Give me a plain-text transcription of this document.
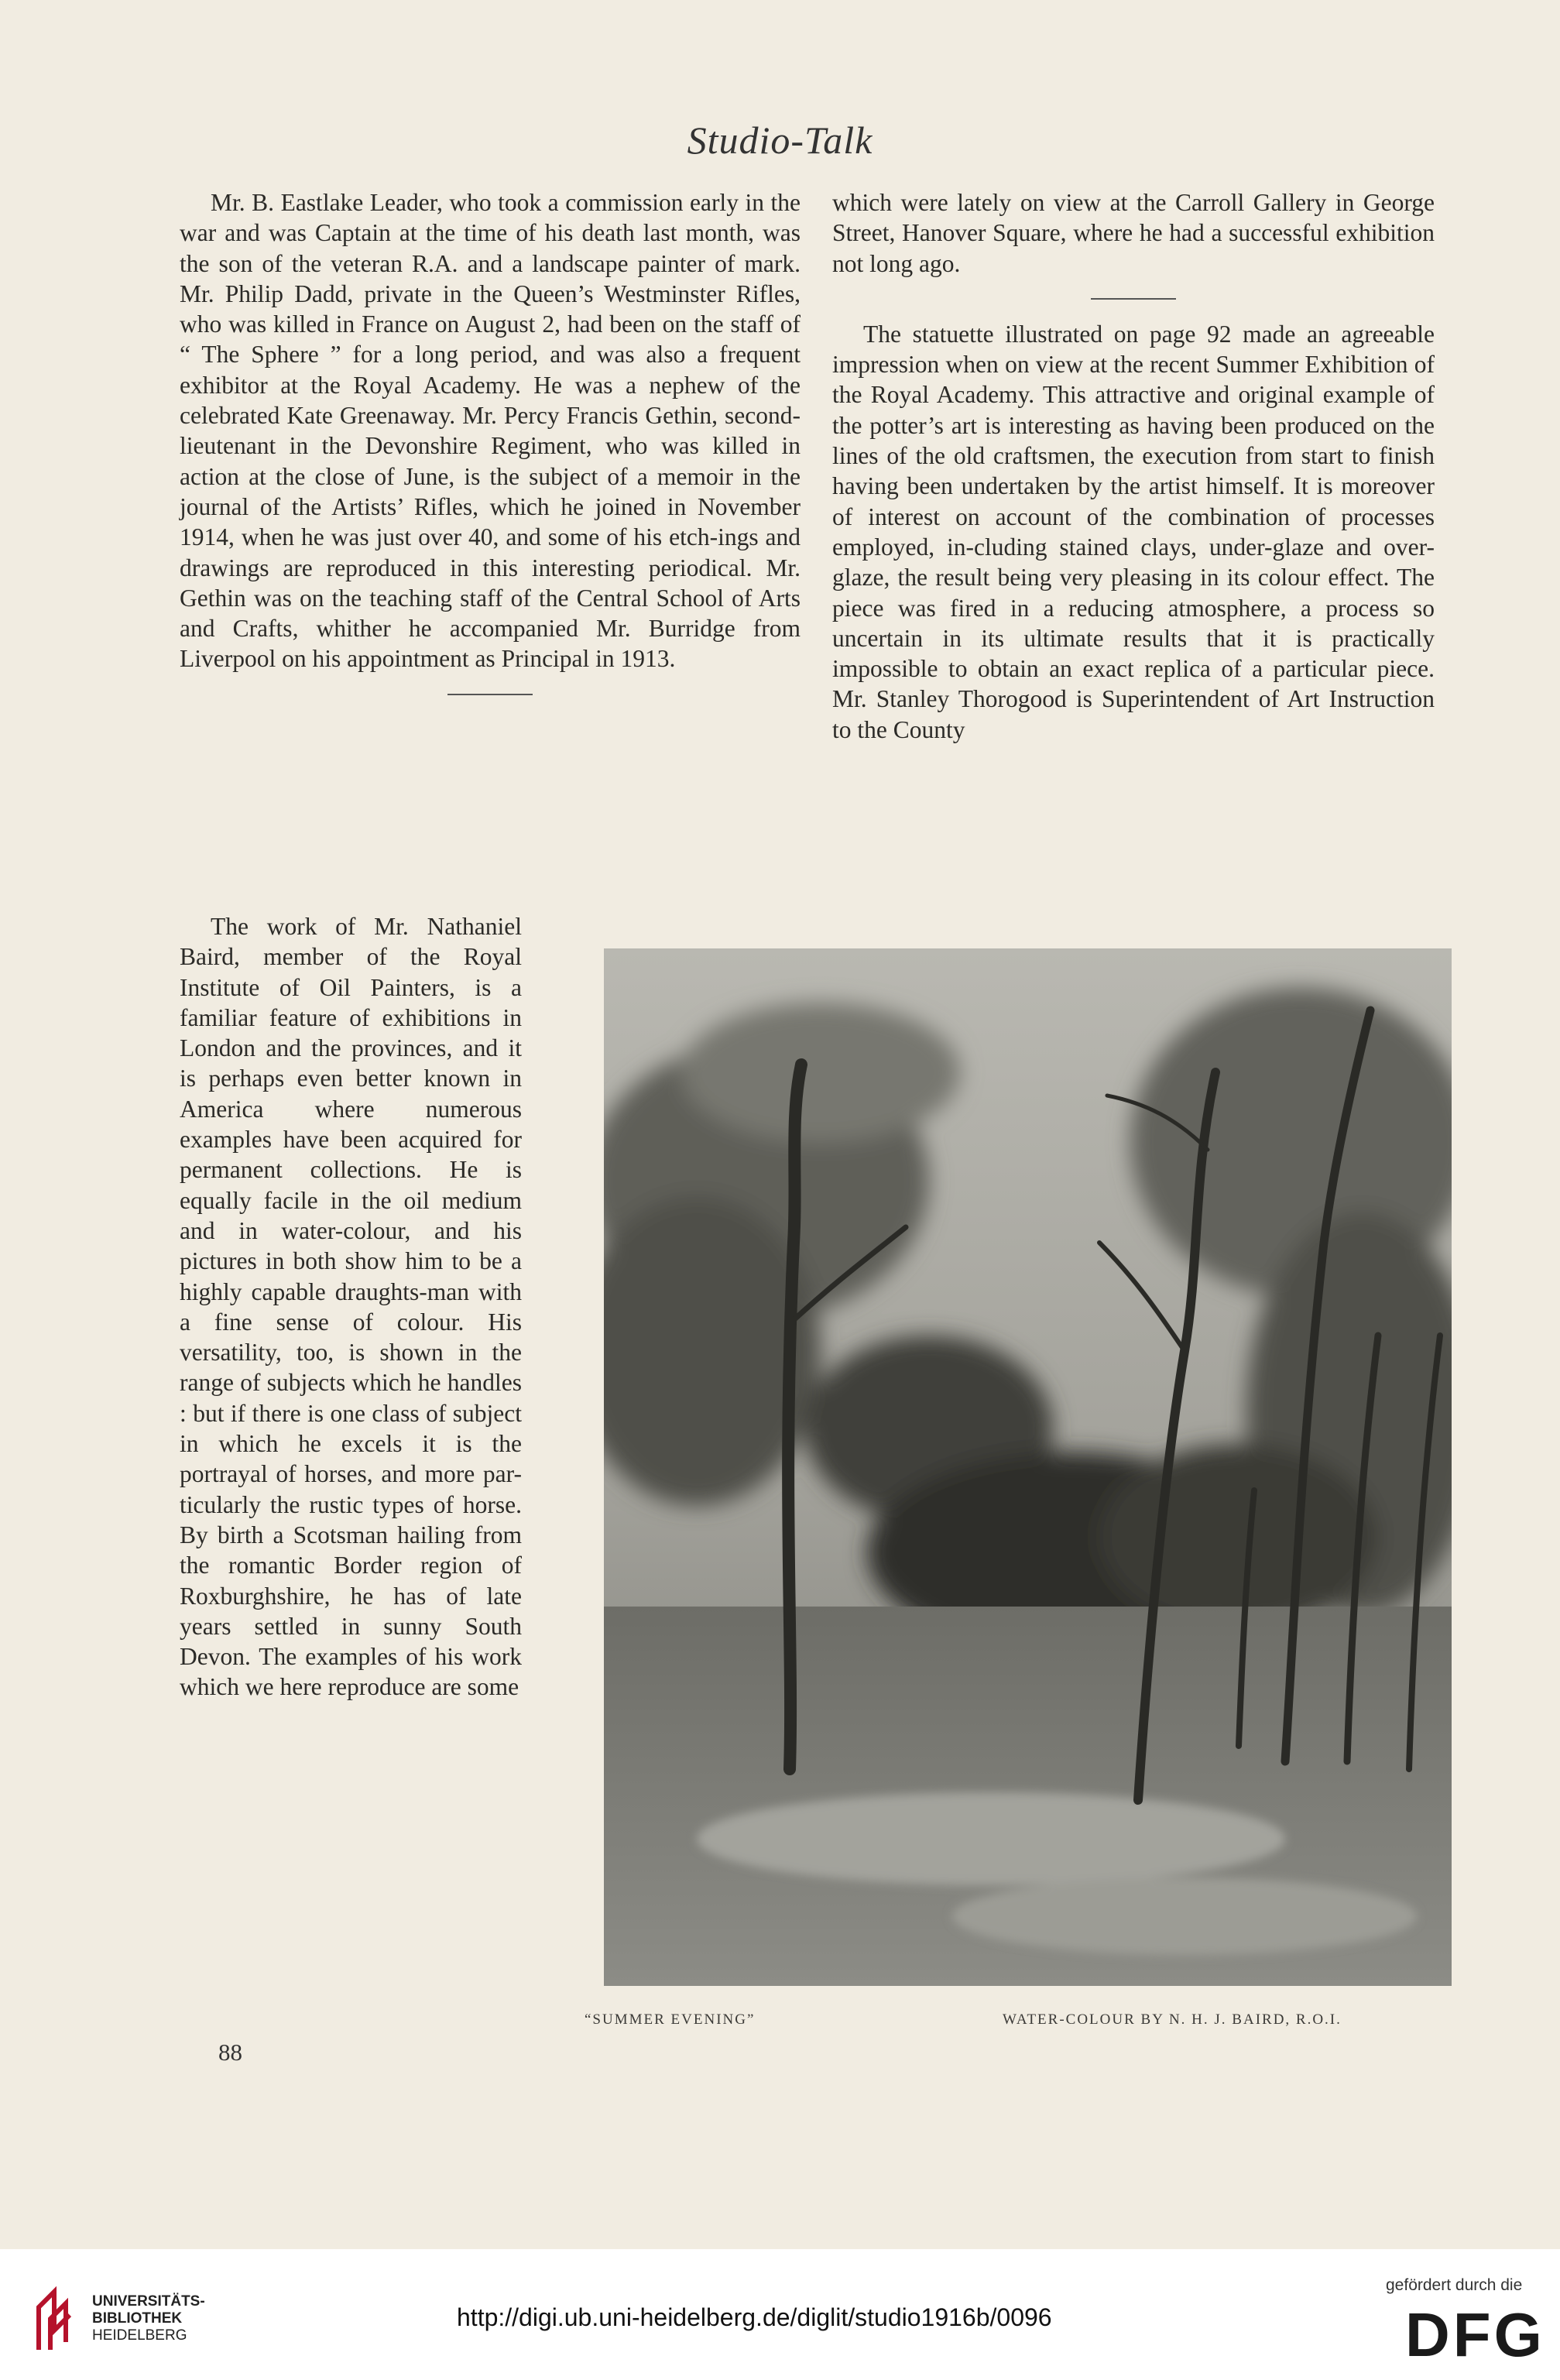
Studio-Talk

Mr. B. Eastlake Leader, who took a commission early in the war and was Captain at the time of his death last month, was the son of the veteran R.A. and a landscape painter of mark. Mr. Philip Dadd, private in the Queen’s Westminster Rifles, who was killed in France on August 2, had been on the staff of “ The Sphere ” for a long period, and was also a frequent exhibitor at the Royal Academy. He was a nephew of the celebrated Kate Greenaway. Mr. Percy Francis Gethin, second-lieutenant in the Devonshire Regiment, who was killed in action at the close of June, is the subject of a memoir in the journal of the Artists’ Rifles, which he joined in November 1914, when he was just over 40, and some of his etch-ings and drawings are reproduced in this interesting periodical. Mr. Gethin was on the teaching staff of the Central School of Arts and Crafts, whither he accompanied Mr. Burridge from Liverpool on his appointment as Principal in 1913.

The work of Mr. Nathaniel Baird, member of the Royal Institute of Oil Painters, is a familiar feature of exhibitions in London and the provinces, and it is perhaps even better known in America where numerous examples have been acquired for permanent collections. He is equally facile in the oil medium and in water-colour, and his pictures in both show him to be a highly capable draughts-man with a fine sense of colour. His versatility, too, is shown in the range of subjects which he handles : but if there is one class of subject in which he excels it is the portrayal of horses, and more par-ticularly the rustic types of horse. By birth a Scotsman hailing from the romantic Border region of Roxburghshire, he has of late years settled in sunny South Devon. The examples of his work which we here reproduce are some

which were lately on view at the Carroll Gallery in George Street, Hanover Square, where he had a successful exhibition not long ago.

The statuette illustrated on page 92 made an agreeable impression when on view at the recent Summer Exhibition of the Royal Academy. This attractive and original example of the potter’s art is interesting as having been produced on the lines of the old craftsmen, the execution from start to finish having been undertaken by the artist himself. It is moreover of interest on account of the combination of processes employed, in-cluding stained clays, under-glaze and over-glaze, the result being very pleasing in its colour effect. The piece was fired in a reducing atmosphere, a process so uncertain in its ultimate results that it is practically impossible to obtain an exact replica of a particular piece. Mr. Stanley Thorogood is Superintendent of Art Instruction to the County

“SUMMER EVENING”	WATER-COLOUR BY N. H. J. BAIRD, R.O.I.

88

UNIVERSITÄTS-
BIBLIOTHEK
HEIDELBERG
http://digi.ub.uni-heidelberg.de/diglit/studio1916b/0096
gefördert durch die
DFG
